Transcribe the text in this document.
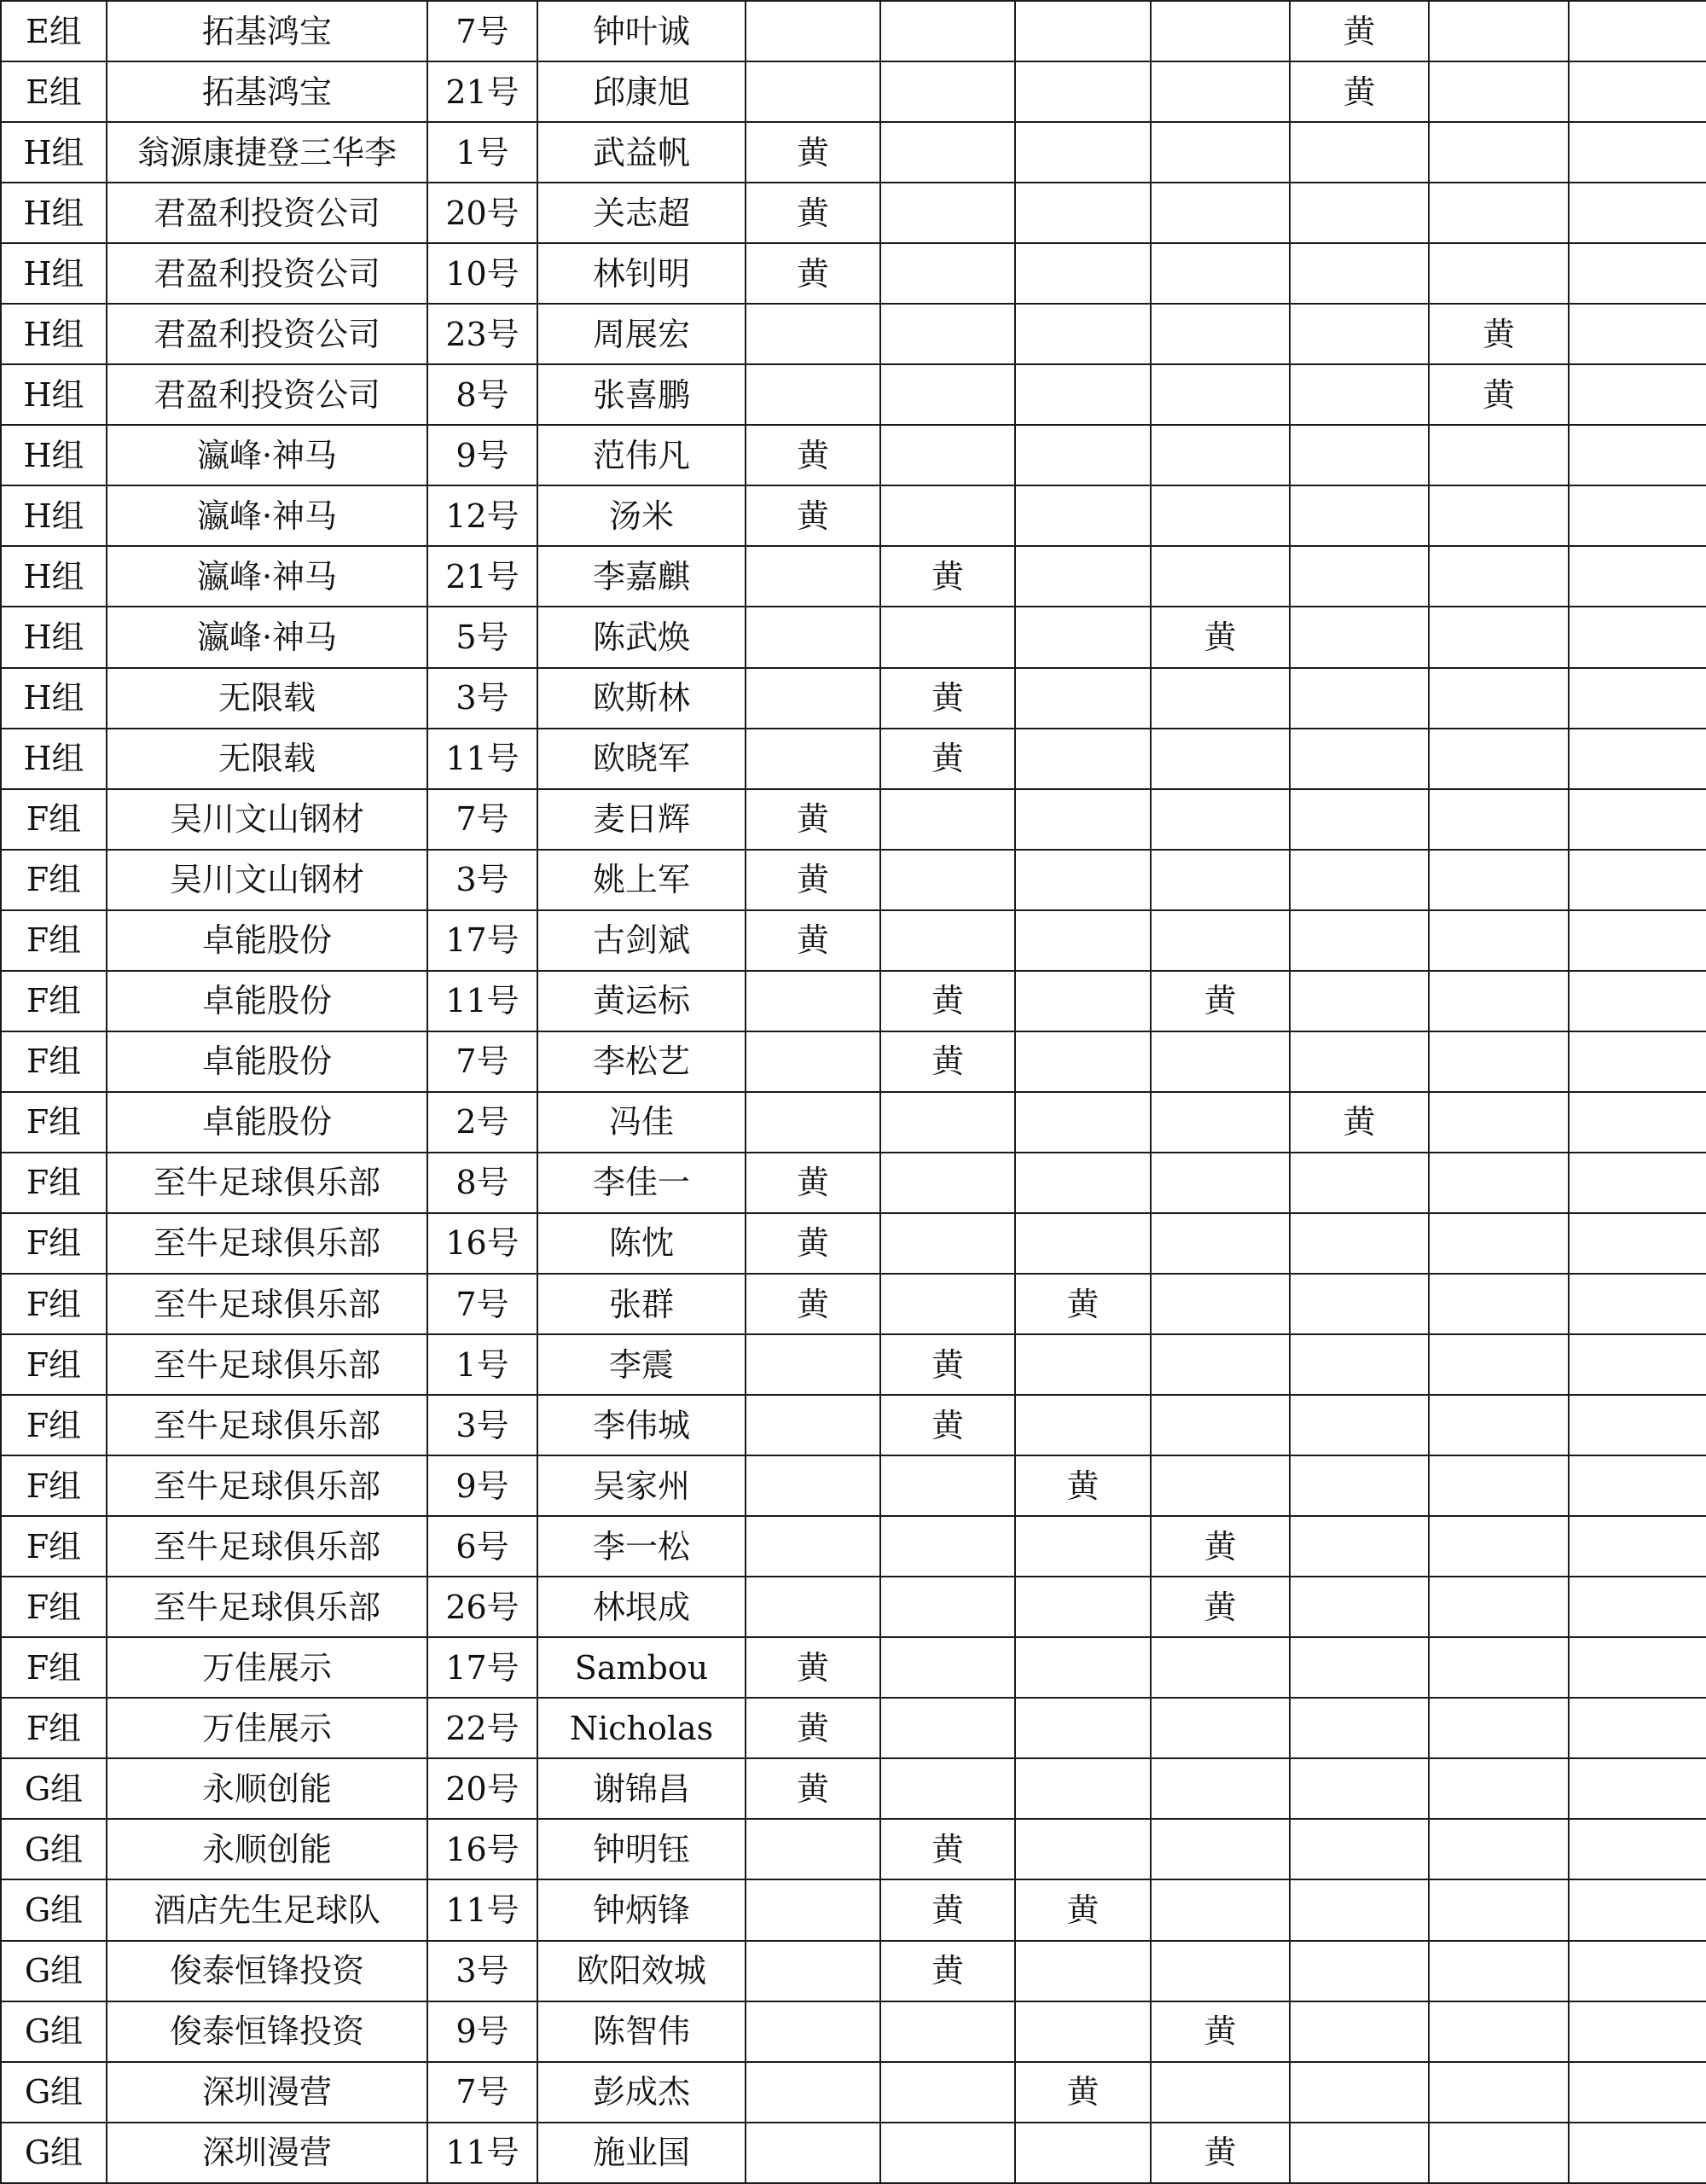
E组	拓基鸿宝	7号	钟叶诚					黄		
E组	拓基鸿宝	21号	邱康旭					黄		
H组	翁源康捷登三华李	1号	武益帆	黄						
H组	君盈利投资公司	20号	关志超	黄						
H组	君盈利投资公司	10号	林钊明	黄						
H组	君盈利投资公司	23号	周展宏						黄	
H组	君盈利投资公司	8号	张喜鹏						黄	
H组	瀛峰·神马	9号	范伟凡	黄						
H组	瀛峰·神马	12号	汤米	黄						
H组	瀛峰·神马	21号	李嘉麒		黄					
H组	瀛峰·神马	5号	陈武焕				黄			
H组	无限载	3号	欧斯林		黄					
H组	无限载	11号	欧晓军		黄					
F组	吴川文山钢材	7号	麦日辉	黄						
F组	吴川文山钢材	3号	姚上军	黄						
F组	卓能股份	17号	古剑斌	黄						
F组	卓能股份	11号	黄运标		黄		黄			
F组	卓能股份	7号	李松艺		黄					
F组	卓能股份	2号	冯佳					黄		
F组	至牛足球俱乐部	8号	李佳一	黄						
F组	至牛足球俱乐部	16号	陈忱	黄						
F组	至牛足球俱乐部	7号	张群	黄		黄				
F组	至牛足球俱乐部	1号	李震		黄					
F组	至牛足球俱乐部	3号	李伟城		黄					
F组	至牛足球俱乐部	9号	吴家州			黄				
F组	至牛足球俱乐部	6号	李一松				黄			
F组	至牛足球俱乐部	26号	林垠成				黄			
F组	万佳展示	17号	Sambou	黄						
F组	万佳展示	22号	Nicholas	黄						
G组	永顺创能	20号	谢锦昌	黄						
G组	永顺创能	16号	钟明钰		黄					
G组	酒店先生足球队	11号	钟炳锋		黄	黄				
G组	俊泰恒锋投资	3号	欧阳效城		黄					
G组	俊泰恒锋投资	9号	陈智伟				黄			
G组	深圳漫营	7号	彭成杰			黄				
G组	深圳漫营	11号	施业国				黄			
